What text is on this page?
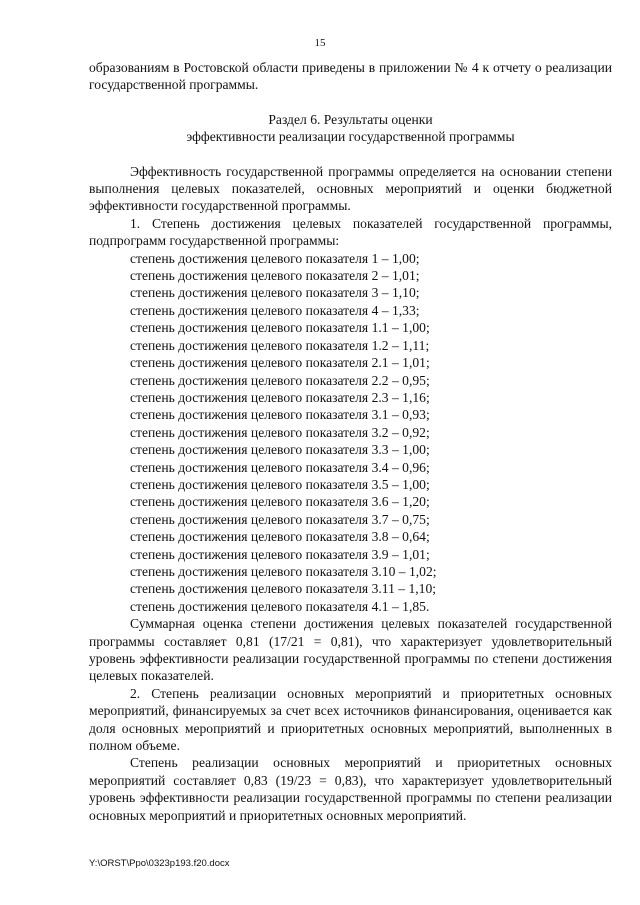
15

образованиям в Ростовской области приведены в приложении № 4 к отчету о реализации государственной программы.

Раздел 6. Результаты оценки
эффективности реализации государственной программы

Эффективность государственной программы определяется на основании степени выполнения целевых показателей, основных мероприятий и оценки бюджетной эффективности государственной программы.

1. Степень достижения целевых показателей государственной программы, подпрограмм государственной программы:

степень достижения целевого показателя 1 – 1,00;
степень достижения целевого показателя 2 – 1,01;
степень достижения целевого показателя 3 – 1,10;
степень достижения целевого показателя 4 – 1,33;
степень достижения целевого показателя 1.1 – 1,00;
степень достижения целевого показателя 1.2 – 1,11;
степень достижения целевого показателя 2.1 – 1,01;
степень достижения целевого показателя 2.2 – 0,95;
степень достижения целевого показателя 2.3 – 1,16;
степень достижения целевого показателя 3.1 – 0,93;
степень достижения целевого показателя 3.2 – 0,92;
степень достижения целевого показателя 3.3 – 1,00;
степень достижения целевого показателя 3.4 – 0,96;
степень достижения целевого показателя 3.5 – 1,00;
степень достижения целевого показателя 3.6 – 1,20;
степень достижения целевого показателя 3.7 – 0,75;
степень достижения целевого показателя 3.8 – 0,64;
степень достижения целевого показателя 3.9 – 1,01;
степень достижения целевого показателя 3.10 – 1,02;
степень достижения целевого показателя 3.11 – 1,10;
степень достижения целевого показателя 4.1 – 1,85.

Суммарная оценка степени достижения целевых показателей государственной программы составляет 0,81 (17/21 = 0,81), что характеризует удовлетворительный уровень эффективности реализации государственной программы по степени достижения целевых показателей.

2. Степень реализации основных мероприятий и приоритетных основных мероприятий, финансируемых за счет всех источников финансирования, оценивается как доля основных мероприятий и приоритетных основных мероприятий, выполненных в полном объеме.

Степень реализации основных мероприятий и приоритетных основных мероприятий составляет 0,83 (19/23 = 0,83), что характеризует удовлетворительный уровень эффективности реализации государственной программы по степени реализации основных мероприятий и приоритетных основных мероприятий.

Y:\ORST\Ppo\0323p193.f20.docx
